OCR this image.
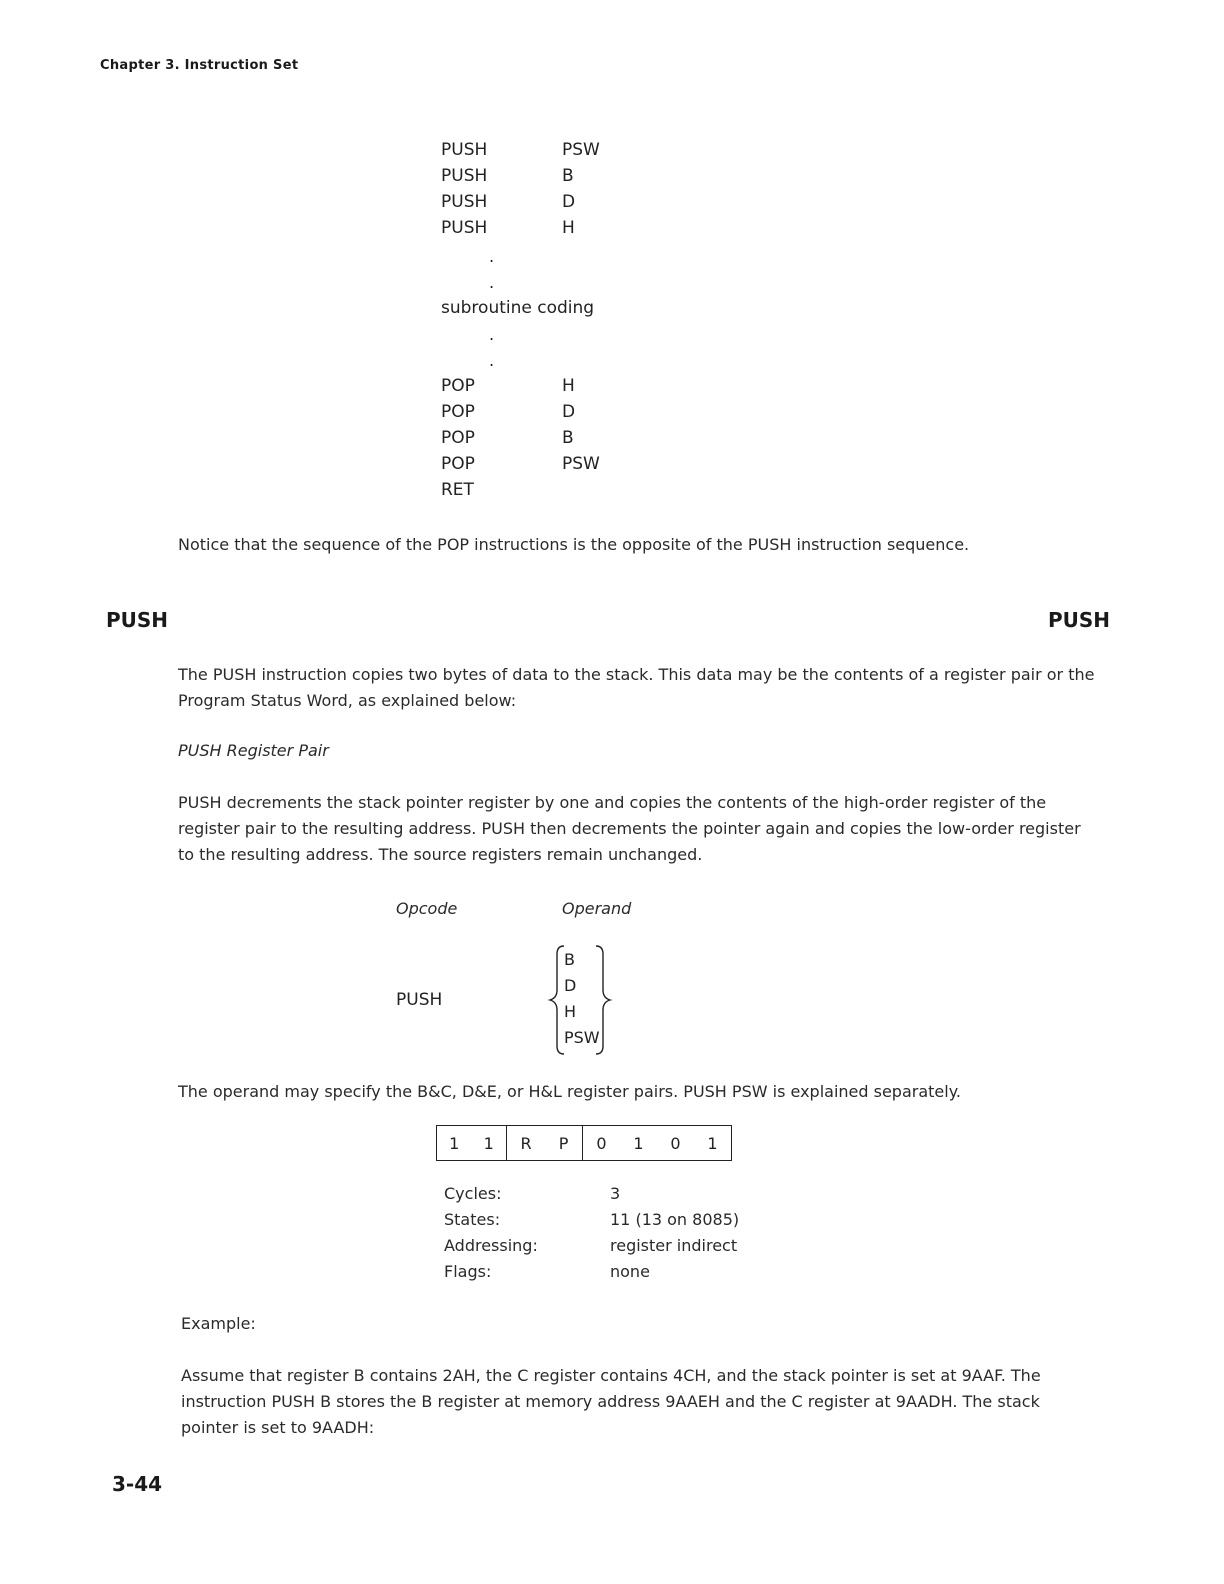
Chapter 3. Instruction Set
PUSH	PSW
PUSH	B
PUSH	D
PUSH	H
.
.
subroutine coding
.
.
POP	H
POP	D
POP	B
POP	PSW
RET
Notice that the sequence of the POP instructions is the opposite of the PUSH instruction sequence.
PUSH	PUSH
The PUSH instruction copies two bytes of data to the stack. This data may be the contents of a register pair or the Program Status Word, as explained below:
PUSH Register Pair
PUSH decrements the stack pointer register by one and copies the contents of the high-order register of the register pair to the resulting address. PUSH then decrements the pointer again and copies the low-order register to the resulting address. The source registers remain unchanged.
Opcode	Operand
PUSH
B
D
H
PSW
The operand may specify the B&C, D&E, or H&L register pairs. PUSH PSW is explained separately.
1 1 R P 0 1 0 1
Cycles:	3
States:	11 (13 on 8085)
Addressing:	register indirect
Flags:	none
Example:
Assume that register B contains 2AH, the C register contains 4CH, and the stack pointer is set at 9AAF. The instruction PUSH B stores the B register at memory address 9AAEH and the C register at 9AADH. The stack pointer is set to 9AADH:
3-44
